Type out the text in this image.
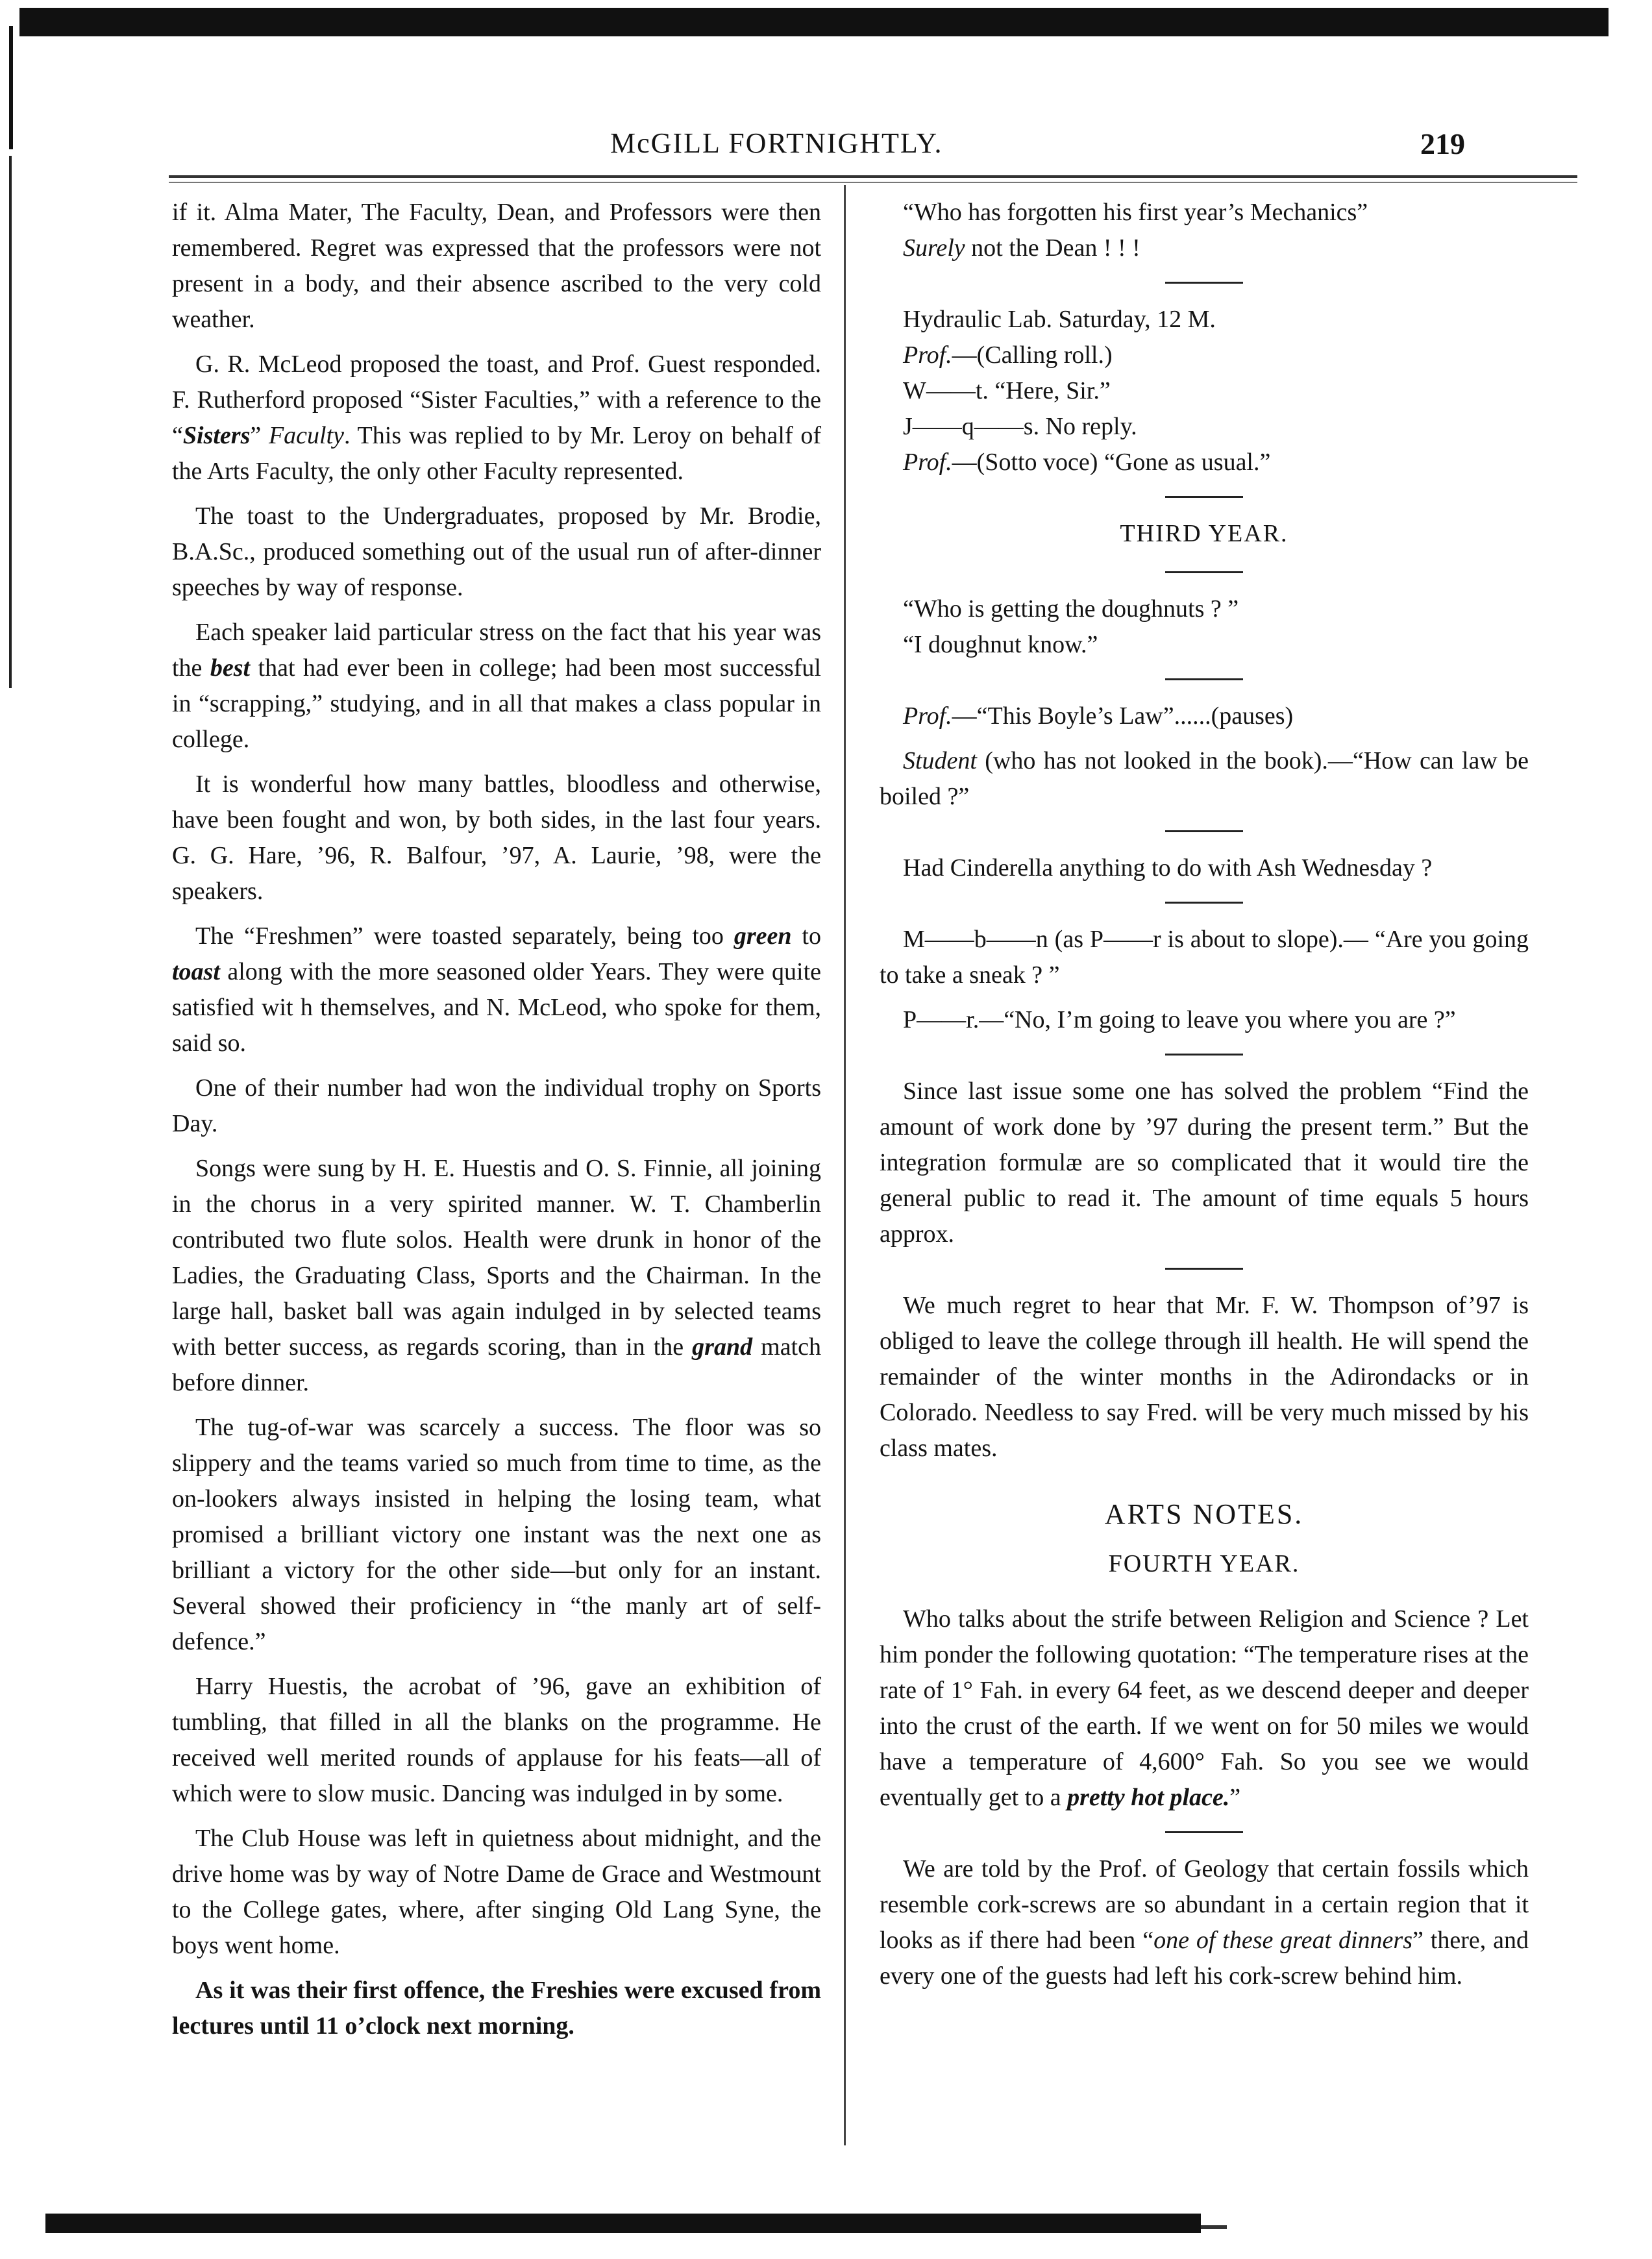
McGILL FORTNIGHTLY.	219

if it. Alma Mater, The Faculty, Dean, and Professors were then remembered. Regret was expressed that the professors were not present in a body, and their absence ascribed to the very cold weather.

G. R. McLeod proposed the toast, and Prof. Guest responded. F. Rutherford proposed “Sister Faculties,” with a reference to the “Sisters” Faculty. This was replied to by Mr. Leroy on behalf of the Arts Faculty, the only other Faculty represented.

The toast to the Undergraduates, proposed by Mr. Brodie, B.A.Sc., produced something out of the usual run of after-dinner speeches by way of response.

Each speaker laid particular stress on the fact that his year was the best that had ever been in college; had been most successful in “scrapping,” studying, and in all that makes a class popular in college.

It is wonderful how many battles, bloodless and otherwise, have been fought and won, by both sides, in the last four years. G. G. Hare, ’96, R. Balfour, ’97, A. Laurie, ’98, were the speakers.

The “Freshmen” were toasted separately, being too green to toast along with the more seasoned older Years. They were quite satisfied wit h themselves, and N. McLeod, who spoke for them, said so.

One of their number had won the individual trophy on Sports Day.

Songs were sung by H. E. Huestis and O. S. Finnie, all joining in the chorus in a very spirited manner. W. T. Chamberlin contributed two flute solos. Health were drunk in honor of the Ladies, the Graduating Class, Sports and the Chairman. In the large hall, basket ball was again indulged in by selected teams with better success, as regards scoring, than in the grand match before dinner.

The tug-of-war was scarcely a success. The floor was so slippery and the teams varied so much from time to time, as the on-lookers always insisted in helping the losing team, what promised a brilliant victory one instant was the next one as brilliant a victory for the other side—but only for an instant. Several showed their proficiency in “the manly art of self-defence.”

Harry Huestis, the acrobat of ’96, gave an exhibition of tumbling, that filled in all the blanks on the programme. He received well merited rounds of applause for his feats—all of which were to slow music. Dancing was indulged in by some.

The Club House was left in quietness about midnight, and the drive home was by way of Notre Dame de Grace and Westmount to the College gates, where, after singing Old Lang Syne, the boys went home.

As it was their first offence, the Freshies were excused from lectures until 11 o’clock next morning.

“Who has forgotten his first year’s Mechanics”

Surely not the Dean ! ! !

Hydraulic Lab. Saturday, 12 M.

Prof.—(Calling roll.)

W——t. “Here, Sir.”

J——q——s. No reply.

Prof.—(Sotto voce) “Gone as usual.”

THIRD YEAR.

“Who is getting the doughnuts ? ”

“I doughnut know.”

Prof.—“This Boyle’s Law”......(pauses)

Student (who has not looked in the book).—“How can law be boiled ?”

Had Cinderella anything to do with Ash Wednesday ?

M——b——n (as P——r is about to slope).— “Are you going to take a sneak ? ”

P——r.—“No, I’m going to leave you where you are ?”

Since last issue some one has solved the problem “Find the amount of work done by ’97 during the present term.” But the integration formulæ are so complicated that it would tire the general public to read it. The amount of time equals 5 hours approx.

We much regret to hear that Mr. F. W. Thompson of’97 is obliged to leave the college through ill health. He will spend the remainder of the winter months in the Adirondacks or in Colorado. Needless to say Fred. will be very much missed by his class mates.

ARTS NOTES.
FOURTH YEAR.

Who talks about the strife between Religion and Science ? Let him ponder the following quotation: “The temperature rises at the rate of 1° Fah. in every 64 feet, as we descend deeper and deeper into the crust of the earth. If we went on for 50 miles we would have a temperature of 4,600° Fah. So you see we would eventually get to a pretty hot place.”

We are told by the Prof. of Geology that certain fossils which resemble cork-screws are so abundant in a certain region that it looks as if there had been “one of these great dinners” there, and every one of the guests had left his cork-screw behind him.
